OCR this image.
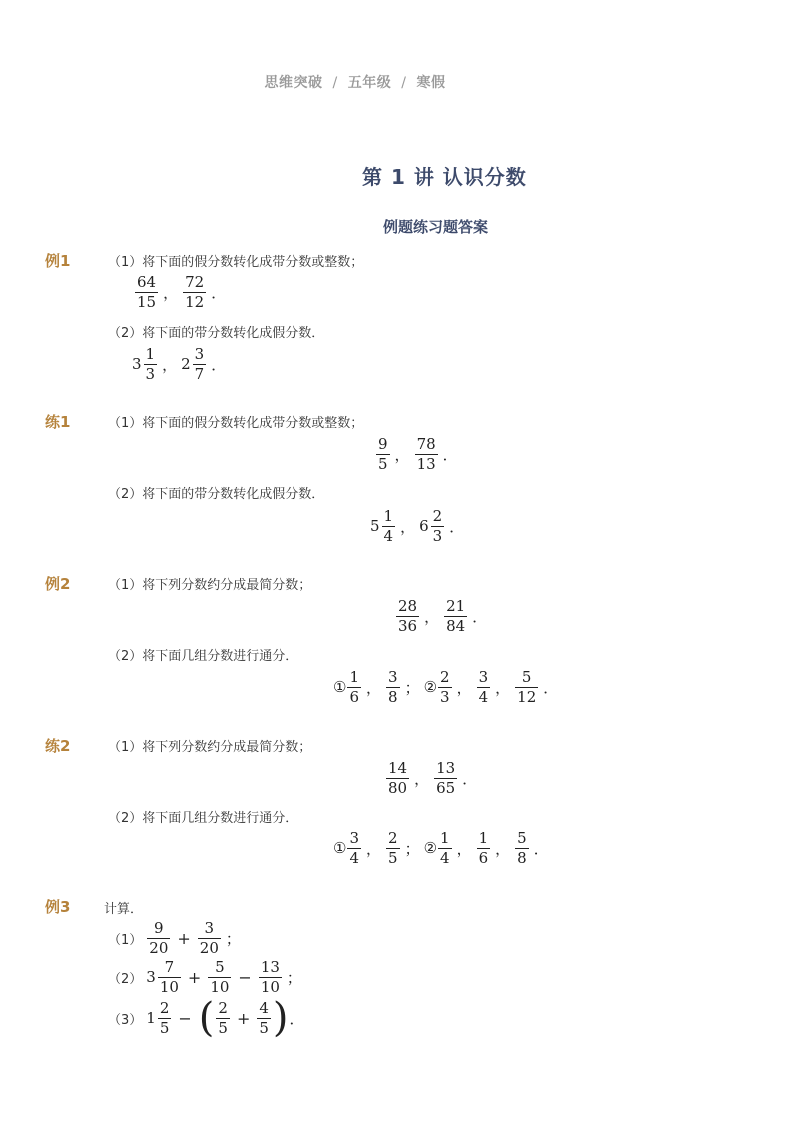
思维突破 / 五年级 / 寒假
第 1 讲 认识分数
例题练习题答案
例1	（1）将下面的假分数转化成带分数或整数；
$\frac{64}{15}$ ， $\frac{72}{12}$ ．
（2）将下面的带分数转化成假分数．
$3 \frac{1}{3}$ ， $2 \frac{3}{7}$ ．
练1	（1）将下面的假分数转化成带分数或整数；
$\frac{9}{5}$ ， $\frac{78}{13}$ ．
（2）将下面的带分数转化成假分数．
$5 \frac{1}{4}$ ， $6 \frac{2}{3}$ ．
例2	（1）将下列分数约分成最简分数；
$\frac{28}{36}$ ， $\frac{21}{84}$ ．
（2）将下面几组分数进行通分．
① $\frac{1}{6}$ ， $\frac{3}{8}$ ； ② $\frac{2}{3}$ ， $\frac{3}{4}$ ， $\frac{5}{12}$ ．
练2	（1）将下列分数约分成最简分数；
$\frac{14}{80}$ ， $\frac{13}{65}$ ．
（2）将下面几组分数进行通分．
① $\frac{3}{4}$ ， $\frac{2}{5}$ ； ② $\frac{1}{4}$ ， $\frac{1}{6}$ ， $\frac{5}{8}$ ．
例3	计算．
$(1) \frac{9}{20} + \frac{3}{20}$ ；
（2） $3 \frac{7}{10} + \frac{5}{10} - \frac{13}{10}$ ；
（3） $1 \frac{2}{5}$ − ( $\frac{2}{5} + \frac{4}{5}$ ) ．
